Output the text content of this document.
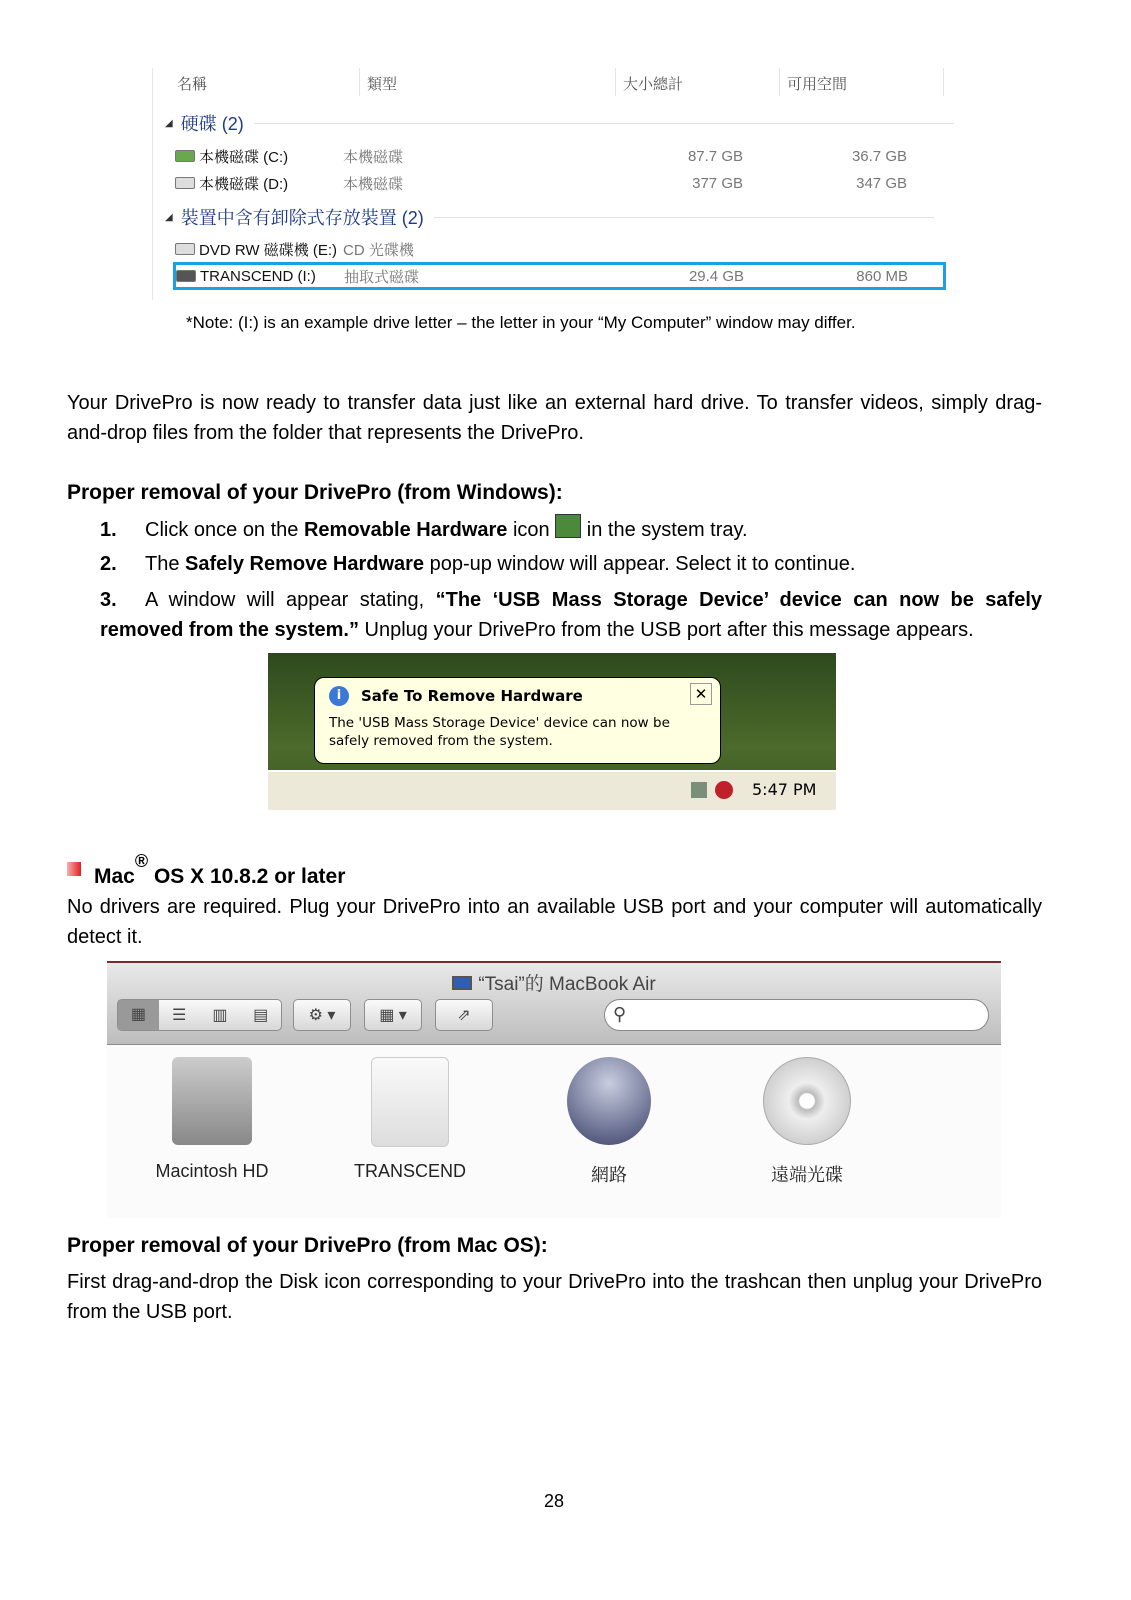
名稱	類型	大小總計	可用空間
◢ 硬碟 (2)
本機磁碟 (C:)	本機磁碟	87.7 GB	36.7 GB
本機磁碟 (D:)	本機磁碟	377 GB	347 GB
◢ 裝置中含有卸除式存放裝置 (2)
DVD RW 磁碟機 (E:) CD 光碟機
TRANSCEND (I:) 抽取式磁碟	29.4 GB	860 MB
*Note: (I:) is an example drive letter – the letter in your “My Computer” window may differ.
Your DrivePro is now ready to transfer data just like an external hard drive. To transfer videos, simply drag-and-drop files from the folder that represents the DrivePro.
Proper removal of your DrivePro (from Windows):
1. Click once on the Removable Hardware icon  in the system tray.
2. The Safely Remove Hardware pop-up window will appear. Select it to continue.
3. A window will appear stating, “The ‘USB Mass Storage Device’ device can now be safely removed from the system.” Unplug your DrivePro from the USB port after this message appears.
5:47 PM
i	Safe To Remove Hardware	✕
The 'USB Mass Storage Device' device can now be safely removed from the system.
Mac® OS X 10.8.2 or later
No drivers are required. Plug your DrivePro into an available USB port and your computer will automatically detect it.
“Tsai”的 MacBook Air
▦	☰	▥	▤	⚙ ▾	▦ ▾	⇗	⚲
Macintosh HD	TRANSCEND	網路	遠端光碟
Proper removal of your DrivePro (from Mac OS):
First drag-and-drop the Disk icon corresponding to your DrivePro into the trashcan then unplug your DrivePro from the USB port.
28
